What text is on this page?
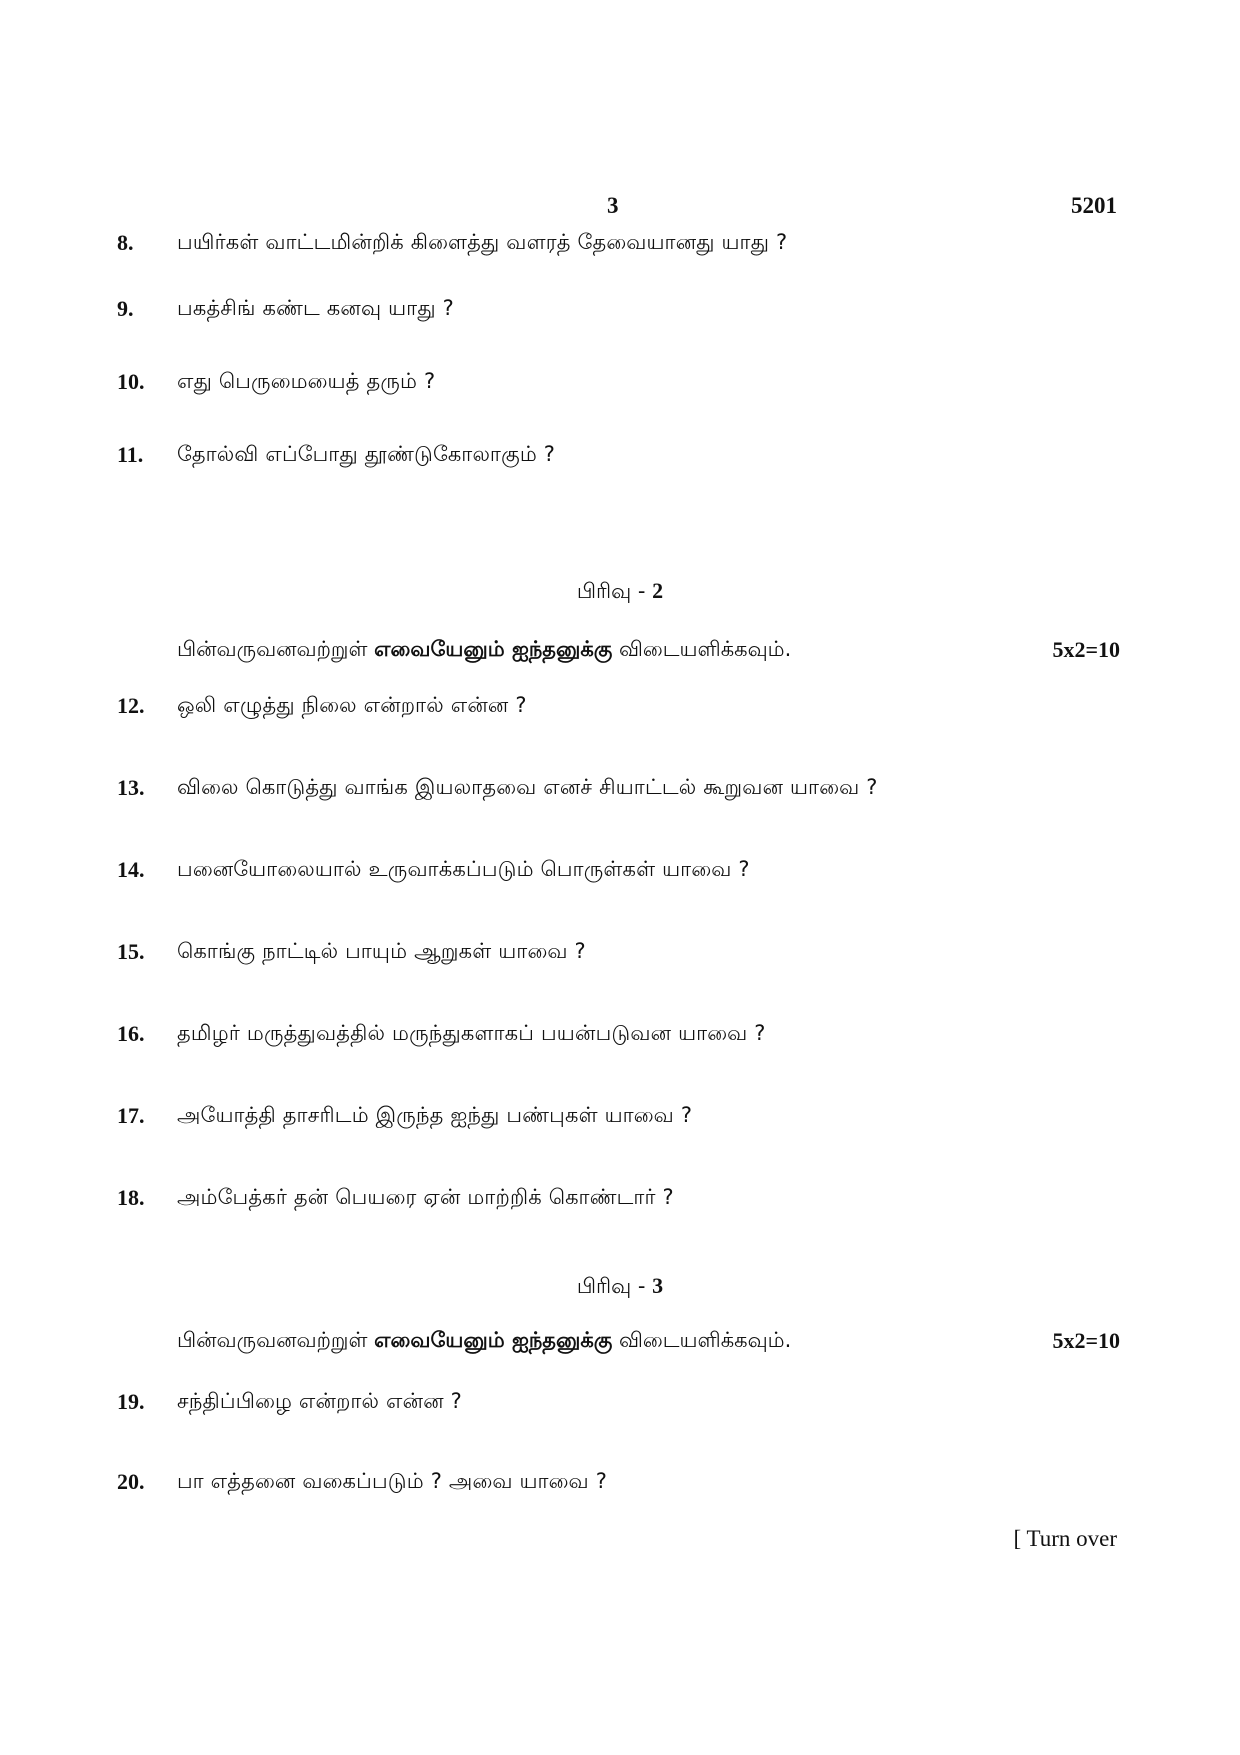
3	5201
8.	பயிர்கள் வாட்டமின்றிக் கிளைத்து வளரத் தேவையானது யாது ?
9.	பகத்சிங் கண்ட கனவு யாது ?
10.	எது பெருமையைத் தரும் ?
11.	தோல்வி எப்போது தூண்டுகோலாகும் ?
பிரிவு - 2
பின்வருவனவற்றுள் எவையேனும் ஐந்தனுக்கு விடையளிக்கவும்.	5x2=10
12.	ஒலி எழுத்து நிலை என்றால் என்ன ?
13.	விலை கொடுத்து வாங்க இயலாதவை எனச் சியாட்டல் கூறுவன யாவை ?
14.	பனையோலையால் உருவாக்கப்படும் பொருள்கள் யாவை ?
15.	கொங்கு நாட்டில் பாயும் ஆறுகள் யாவை ?
16.	தமிழர் மருத்துவத்தில் மருந்துகளாகப் பயன்படுவன யாவை ?
17.	அயோத்தி தாசரிடம் இருந்த ஐந்து பண்புகள் யாவை ?
18.	அம்பேத்கர் தன் பெயரை ஏன் மாற்றிக் கொண்டார் ?
பிரிவு - 3
பின்வருவனவற்றுள் எவையேனும் ஐந்தனுக்கு விடையளிக்கவும்.	5x2=10
19.	சந்திப்பிழை என்றால் என்ன ?
20.	பா எத்தனை வகைப்படும் ? அவை யாவை ?
[ Turn over
